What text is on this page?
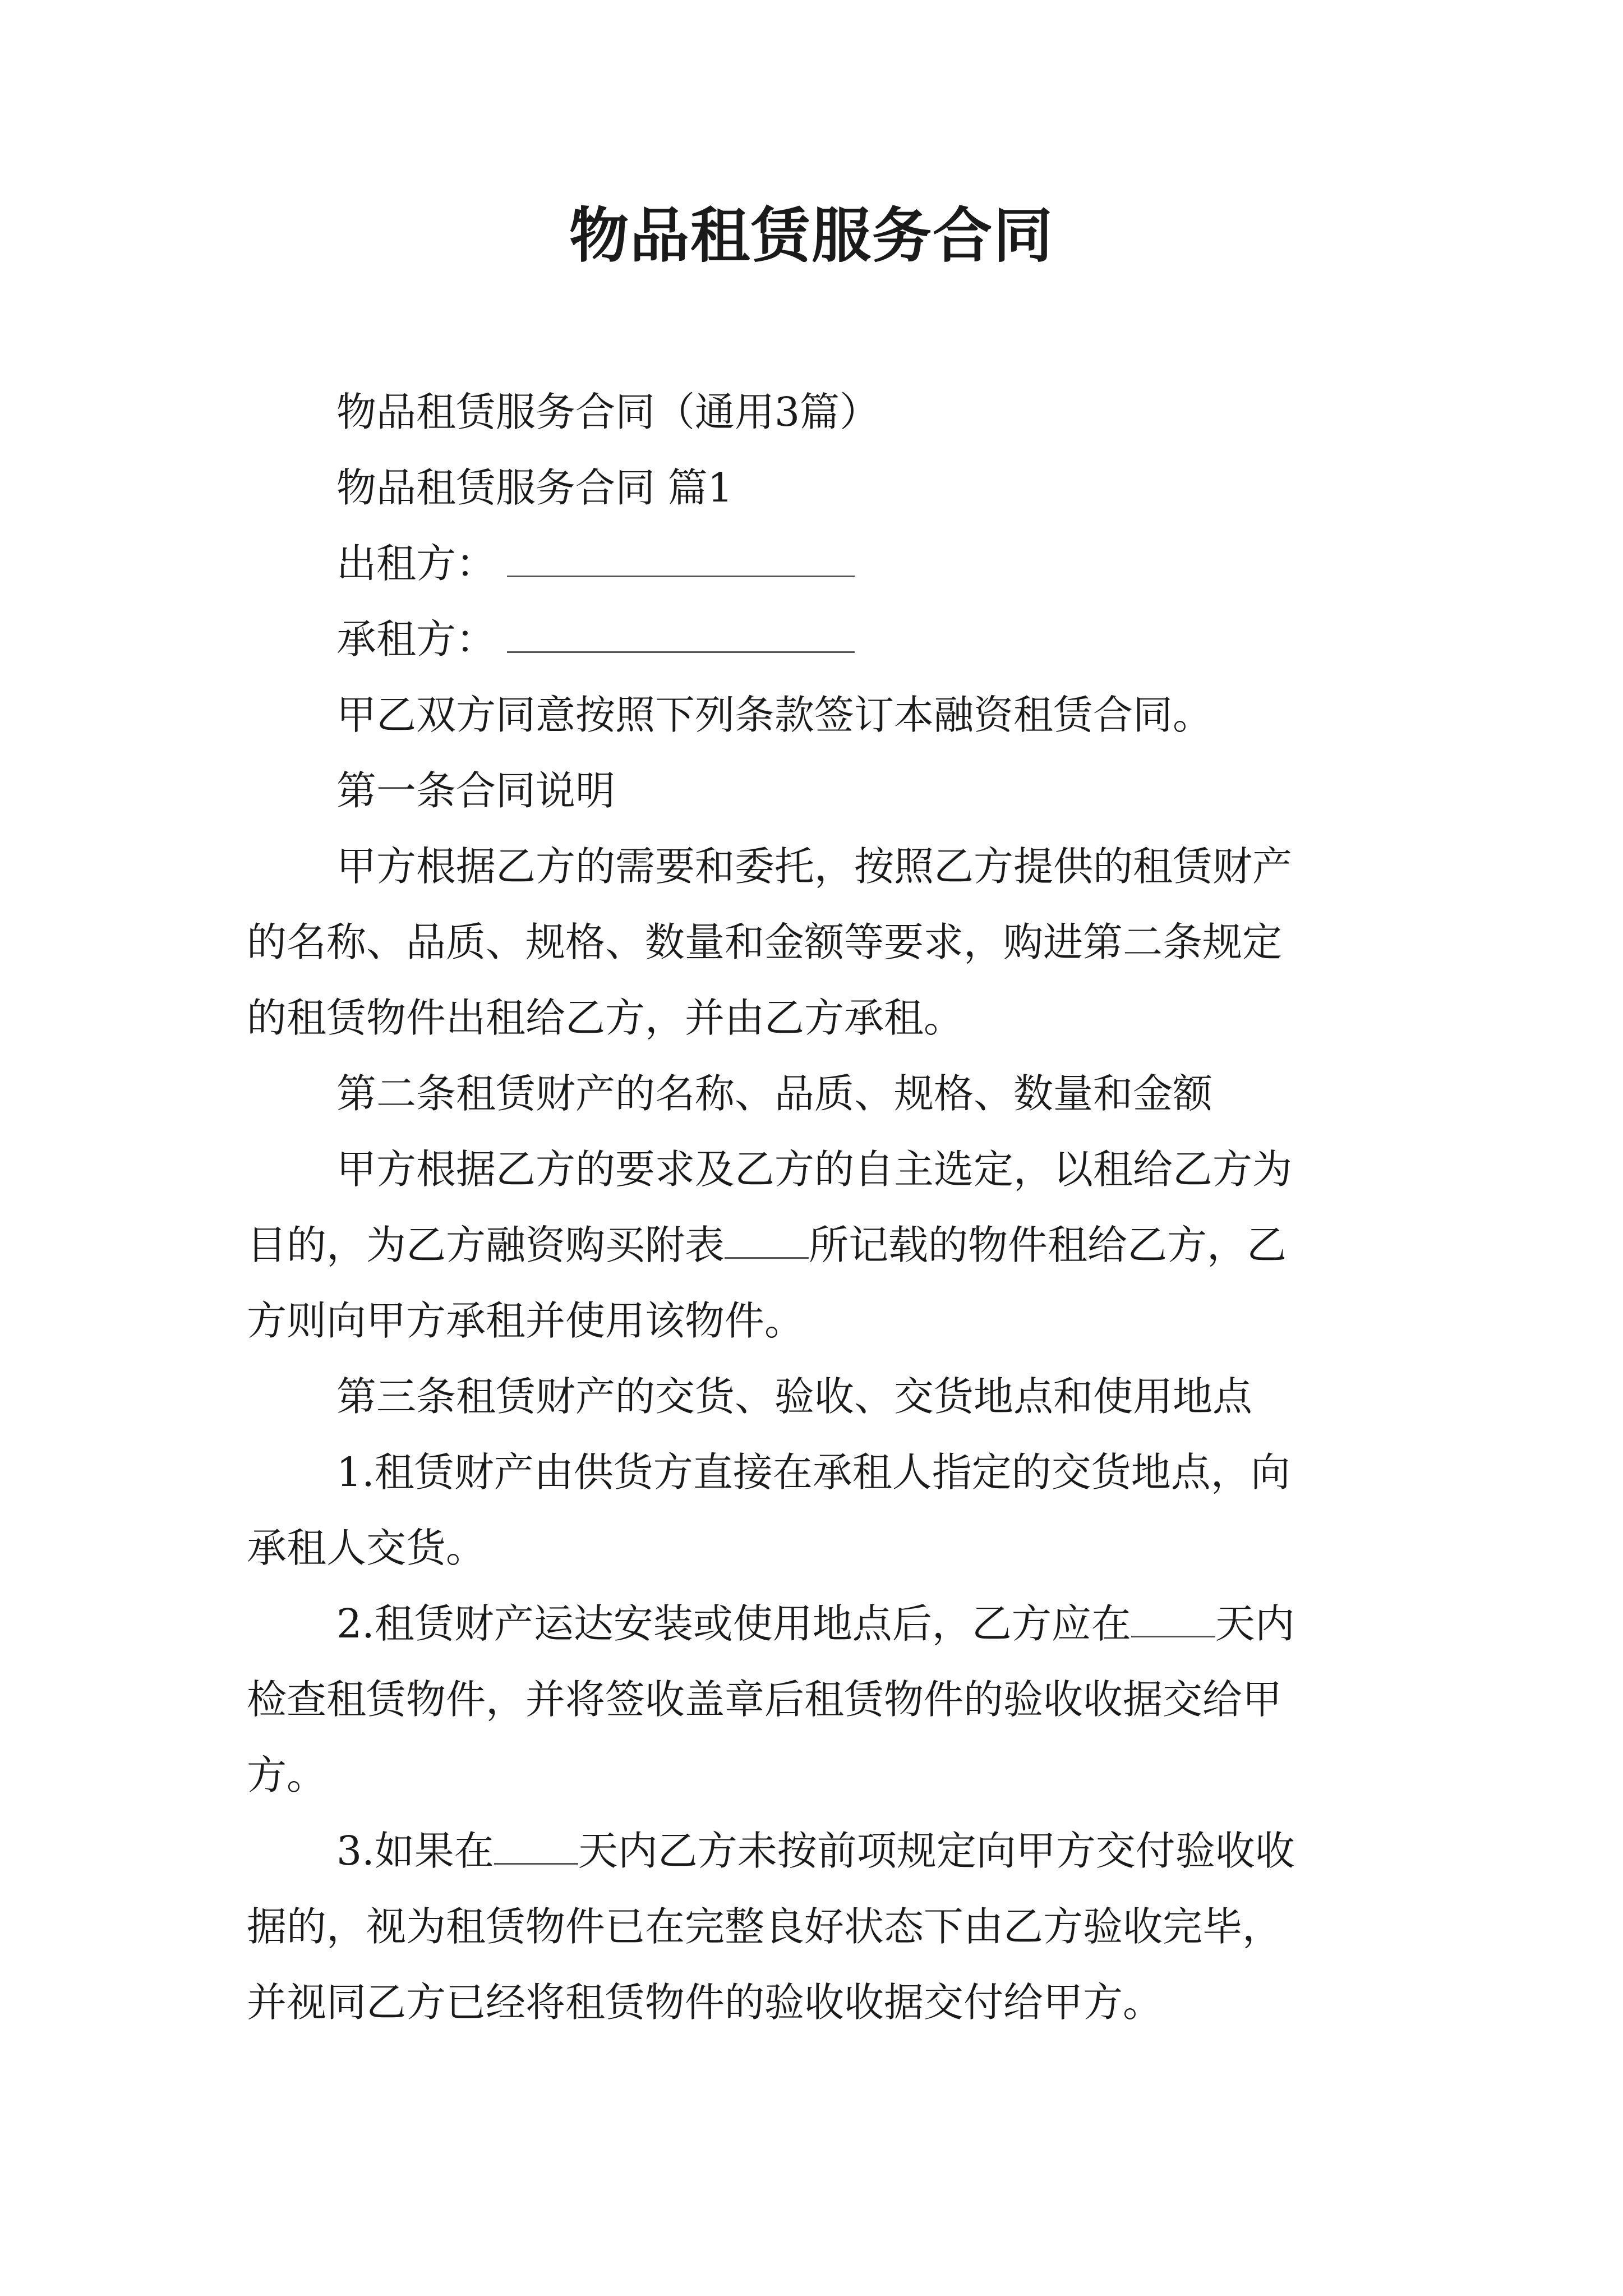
物品租赁服务合同
物品租赁服务合同（通用3篇）
物品租赁服务合同 篇1
出租方：
承租方：
甲乙双方同意按照下列条款签订本融资租赁合同。
第一条合同说明
甲方根据乙方的需要和委托，按照乙方提供的租赁财产
的名称、品质、规格、数量和金额等要求，购进第二条规定
的租赁物件出租给乙方，并由乙方承租。
第二条租赁财产的名称、品质、规格、数量和金额
甲方根据乙方的要求及乙方的自主选定，以租给乙方为
目的，为乙方融资购买附表 所记载的物件租给乙方，乙
方则向甲方承租并使用该物件。
第三条租赁财产的交货、验收、交货地点和使用地点
1.租赁财产由供货方直接在承租人指定的交货地点，向
承租人交货。
2.租赁财产运达安装或使用地点后，乙方应在 天内
检查租赁物件，并将签收盖章后租赁物件的验收收据交给甲
方。
3.如果在 天内乙方未按前项规定向甲方交付验收收
据的，视为租赁物件已在完整良好状态下由乙方验收完毕，
并视同乙方已经将租赁物件的验收收据交付给甲方。
